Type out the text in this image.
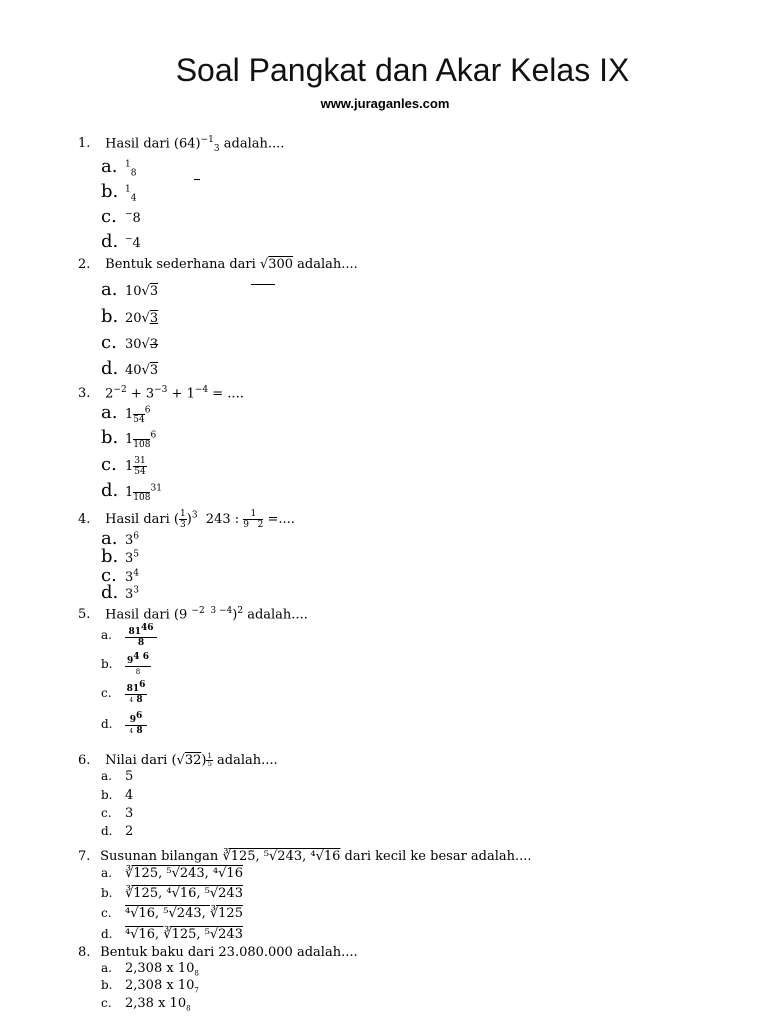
Soal Pangkat dan Akar Kelas IX
www.juraganles.com
1. Hasil dari $(64)^{-1}_3$ adalah....
a. $^1_8$
b. $^1_4$
c. −8
d. −4
2. Bentuk sederhana dari √300 adalah....
a. 10√3
b. 20√3
c. 30√3
d. 40√3
3. $2^{-2} + 3^{-3} + 1^{-4}$ = ....
a. 1
54
$^6$
b. 1
108
$^6$
c. $1 \frac{31}{54}$
d. 1
108
$^{31}$
4. Hasil dari ( $\frac{1}{3} )^3$  243 : $\frac{1}{9 2}$ =....
a. $3^6$
b. $3^5$
c. $3^4$
d. $3^3$
5. Hasil dari (9 $^{-2 3 -4}$)$^2$ adalah....
a. $\frac{81^{46}}{8}$
b. $\frac{9^{4 6}}{8}$
c. $\frac{81^6}{4 8}$
d. $\frac{9^6}{4 8}$
6. Nilai dari $(√32) \frac{1}{5}$ adalah....
a. 5
b. 4
c. 3
d. 2
7. Susunan bilangan ∛125, ⁵√243, ⁴√16 dari kecil ke besar adalah....
a. ∛125, ⁵√243, ⁴√16
b. ∛125, ⁴√16, ⁵√243
c. ⁴√16, ⁵√243, ∛125
d. ⁴√16, ∛125, ⁵√243
8. Bentuk baku dari 23.080.000 adalah....
a. 2,308 x $10_8$
b. 2,308 x $10_7$
c. 2,38 x $10_8$
